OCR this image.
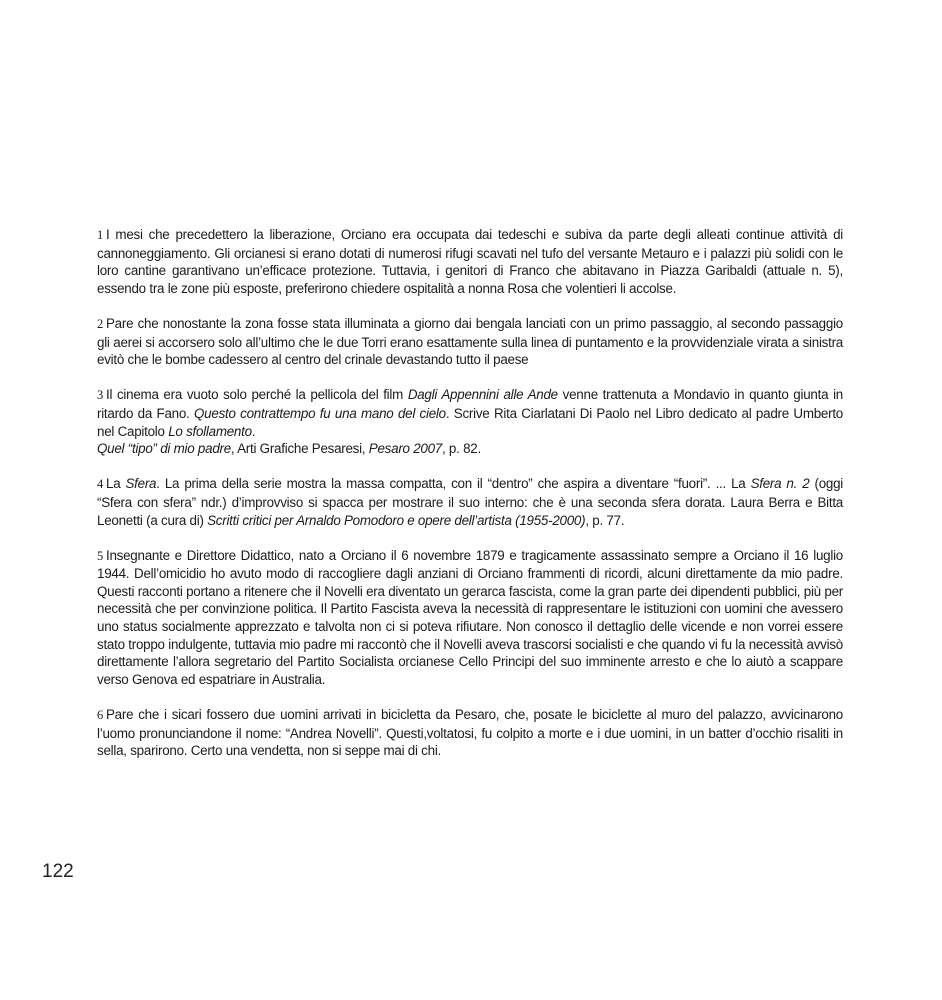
1 I mesi che precedettero la liberazione, Orciano era occupata dai tedeschi e subiva da parte degli alleati continue attività di cannoneggiamento. Gli orcianesi si erano dotati di numerosi rifugi scavati nel tufo del versante Metauro e i palazzi più solidi con le loro cantine garantivano un’efficace protezione. Tuttavia, i genitori di Franco che abitavano in Piazza Garibaldi (attuale n. 5), essendo tra le zone più esposte, preferirono chiedere ospitalità a nonna Rosa che volentieri li accolse.

2 Pare che nonostante la zona fosse stata illuminata a giorno dai bengala lanciati con un primo passaggio, al secondo passaggio gli aerei si accorsero solo all’ultimo che le due Torri erano esattamente sulla linea di puntamento e la provvidenziale virata a sinistra evitò che le bombe cadessero al centro del crinale devastando tutto il paese

3 Il cinema era vuoto solo perché la pellicola del film Dagli Appennini alle Ande venne trattenuta a Mondavio in quanto giunta in ritardo da Fano. Questo contrattempo fu una mano del cielo. Scrive Rita Ciarlatani Di Paolo nel Libro dedicato al padre Umberto nel Capitolo Lo sfollamento.
Quel “tipo” di mio padre, Arti Grafiche Pesaresi, Pesaro 2007, p. 82.

4 La Sfera. La prima della serie mostra la massa compatta, con il “dentro” che aspira a diventare “fuori”. ... La Sfera n. 2 (oggi “Sfera con sfera” ndr.) d’improvviso si spacca per mostrare il suo interno: che è una seconda sfera dorata. Laura Berra e Bitta Leonetti (a cura di) Scritti critici per Arnaldo Pomodoro e opere dell’artista (1955-2000), p. 77.

5 Insegnante e Direttore Didattico, nato a Orciano il 6 novembre 1879 e tragicamente assassinato sempre a Orciano il 16 luglio 1944. Dell’omicidio ho avuto modo di raccogliere dagli anziani di Orciano frammenti di ricordi, alcuni direttamente da mio padre. Questi racconti portano a ritenere che il Novelli era diventato un gerarca fascista, come la gran parte dei dipendenti pubblici, più per necessità che per convinzione politica. Il Partito Fascista aveva la necessità di rappresentare le istituzioni con uomini che avessero uno status socialmente apprezzato e talvolta non ci si poteva rifiutare. Non conosco il dettaglio delle vicende e non vorrei essere stato troppo indulgente, tuttavia mio padre mi raccontò che il Novelli aveva trascorsi socialisti e che quando vi fu la necessità avvisò direttamente l’allora segretario del Partito Socialista orcianese Cello Principi del suo imminente arresto e che lo aiutò a scappare verso Genova ed espatriare in Australia.

6 Pare che i sicari fossero due uomini arrivati in bicicletta da Pesaro, che, posate le biciclette al muro del palazzo, avvicinarono l’uomo pronunciandone il nome: “Andrea Novelli”. Questi,voltatosi, fu colpito a morte e i due uomini, in un batter d’occhio risaliti in sella, sparirono. Certo una vendetta, non si seppe mai di chi.

122
